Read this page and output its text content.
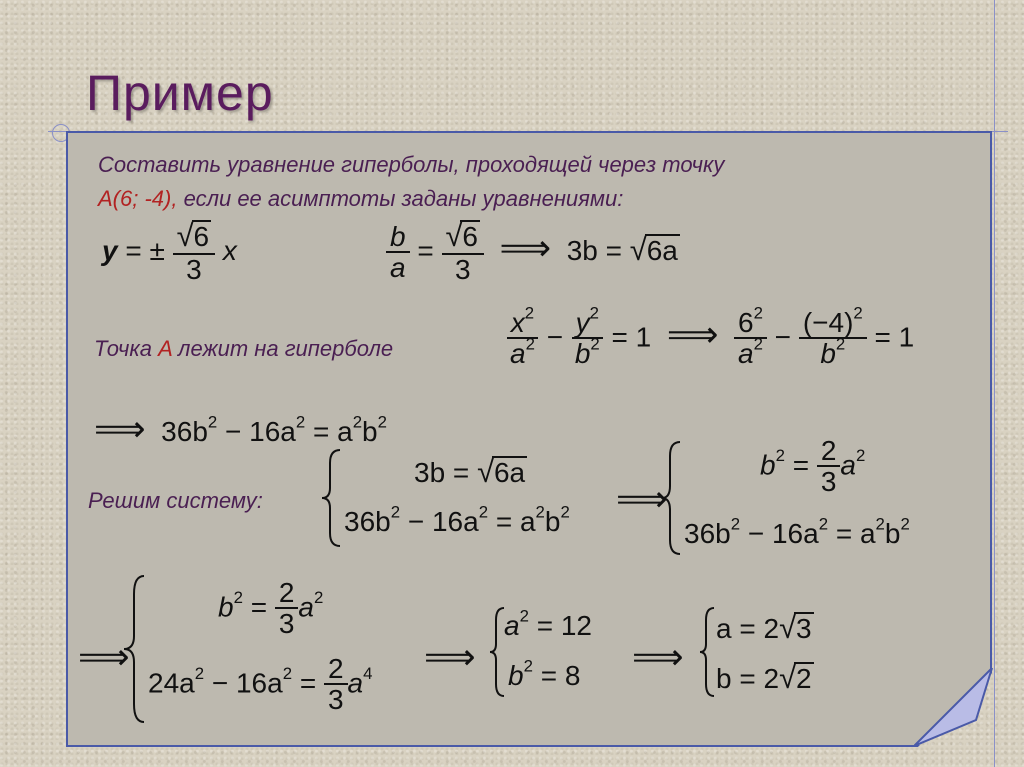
Пример
Составить уравнение гиперболы, проходящей через точку
A(6; -4), если ее асимптоты заданы уравнениями:
y = ± $\frac{√6}{3}$ x	$\frac{b}{a} = \frac{√6}{3}$ ⟹ 3b = √6a
Точка A лежит на гиперболе	$\frac{x^2}{a^2} - \frac{y^2}{b^2} = 1$ ⟹ $\frac{6^2}{a^2} - \frac{(-4)^2}{b^2} = 1$
⟹ $36b^2 - 16a^2 = a^2b^2$
Решим систему:
3b = √6a
$36b^2 - 16a^2 = a^2b^2$ ⟹
$b^2 = \frac{2}{3} a^2$
$36b^2 - 16a^2 = a^2b^2$
⟹
$b^2 = \frac{2}{3} a^2$
$24a^2 - 16a^2 = \frac{2}{3} a^4$ ⟹
$a^2 = 12$
$b^2 = 8$ ⟹
a = 2√3
b = 2√2
